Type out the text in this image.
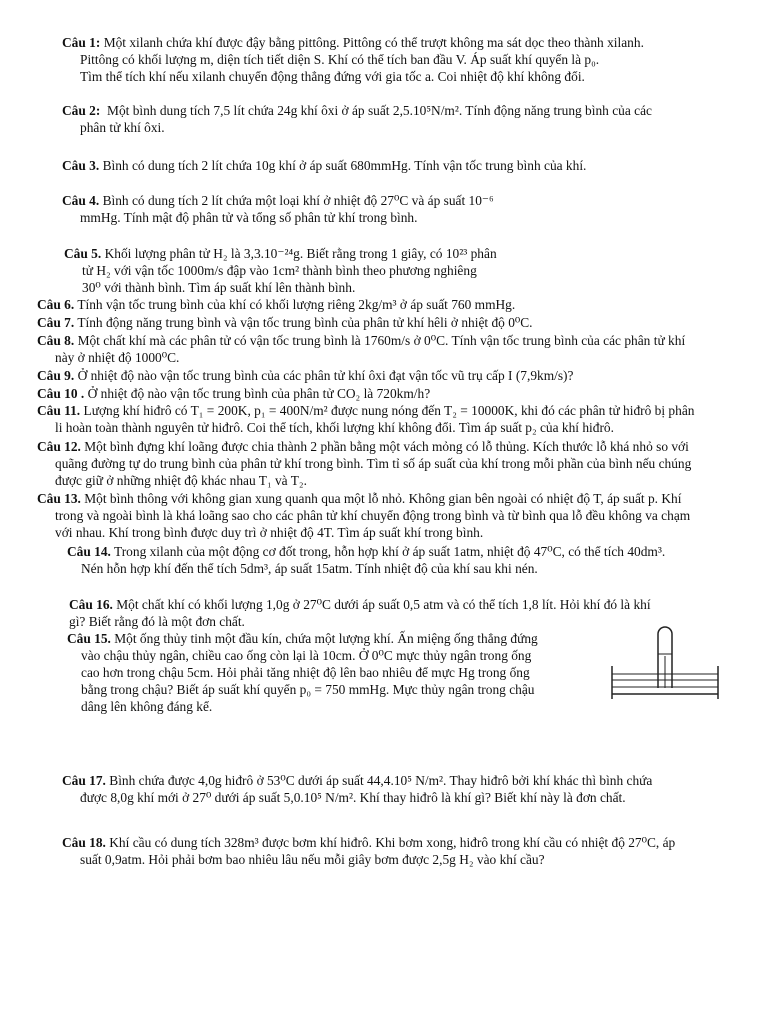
Câu 1: Một xilanh chứa khí được đậy bằng pittông. Pittông có thể trượt không ma sát dọc theo thành xilanh.
Pittông có khối lượng m, diện tích tiết diện S. Khí có thể tích ban đầu V. Áp suất khí quyển là p₀.
Tìm thể tích khí nếu xilanh chuyển động thẳng đứng với gia tốc a. Coi nhiệt độ khí không đổi.
Câu 2: Một bình dung tích 7,5 lít chứa 24g khí ôxi ở áp suất 2,5.10⁵N/m². Tính động năng trung bình của các
phân tử khí ôxi.
Câu 3. Bình có dung tích 2 lít chứa 10g khí ở áp suất 680mmHg. Tính vận tốc trung bình của khí.
Câu 4. Bình có dung tích 2 lít chứa một loại khí ở nhiệt độ 27⁰C và áp suất 10⁻⁶
mmHg. Tính mật độ phân tử và tổng số phân tử khí trong bình.
Câu 5. Khối lượng phân tử H₂ là 3,3.10⁻²⁴g. Biết rằng trong 1 giây, có 10²³ phân
tử H₂ với vận tốc 1000m/s đập vào 1cm² thành bình theo phương nghiêng
30⁰ với thành bình. Tìm áp suất khí lên thành bình.
Câu 6. Tính vận tốc trung bình của khí có khối lượng riêng 2kg/m³ ở áp suất 760 mmHg.
Câu 7. Tính động năng trung bình và vận tốc trung bình của phân tử khí hêli ở nhiệt độ 0⁰C.
Câu 8. Một chất khí mà các phân tử có vận tốc trung bình là 1760m/s ở 0⁰C. Tính vận tốc trung bình của các phân tử khí
này ở nhiệt độ 1000⁰C.
Câu 9. Ở nhiệt độ nào vận tốc trung bình của các phân tử khí ôxi đạt vận tốc vũ trụ cấp I (7,9km/s)?
Câu 10 . Ở nhiệt độ nào vận tốc trung bình của phân tử CO₂ là 720km/h?
Câu 11. Lượng khí hiđrô có T₁ = 200K, p₁ = 400N/m² được nung nóng đến T₂ = 10000K, khi đó các phân tử hiđrô bị phân
li hoàn toàn thành nguyên tử hiđrô. Coi thể tích, khối lượng khí không đổi. Tìm áp suất p₂ của khí hiđrô.
Câu 12. Một bình đựng khí loãng được chia thành 2 phần bằng một vách mỏng có lỗ thủng. Kích thước lỗ khá nhỏ so với
quãng đường tự do trung bình của phân tử khí trong bình. Tìm tỉ số áp suất của khí trong mỗi phần của bình nếu chúng
được giữ ở những nhiệt độ khác nhau T₁ và T₂.
Câu 13. Một bình thông với không gian xung quanh qua một lỗ nhỏ. Không gian bên ngoài có nhiệt độ T, áp suất p. Khí
trong và ngoài bình là khá loãng sao cho các phân tử khí chuyển động trong bình và từ bình qua lỗ đều không va chạm
với nhau. Khí trong bình được duy trì ở nhiệt độ 4T. Tìm áp suất khí trong bình.
Câu 14. Trong xilanh của một động cơ đốt trong, hỗn hợp khí ở áp suất 1atm, nhiệt độ 47⁰C, có thể tích 40dm³.
Nén hỗn hợp khí đến thể tích 5dm³, áp suất 15atm. Tính nhiệt độ của khí sau khi nén.
Câu 16. Một chất khí có khối lượng 1,0g ở 27⁰C dưới áp suất 0,5 atm và có thể tích 1,8 lít. Hỏi khí đó là khí
gì? Biết rằng đó là một đơn chất.
Câu 15. Một ống thủy tinh một đầu kín, chứa một lượng khí. Ấn miệng ống thẳng đứng
vào chậu thủy ngân, chiều cao ống còn lại là 10cm. Ở 0⁰C mực thủy ngân trong ống
cao hơn trong chậu 5cm. Hỏi phải tăng nhiệt độ lên bao nhiêu để mực Hg trong ống
bằng trong chậu? Biết áp suất khí quyển p₀ = 750 mmHg. Mực thủy ngân trong chậu
dâng lên không đáng kể.
Câu 17. Bình chứa được 4,0g hiđrô ở 53⁰C dưới áp suất 44,4.10⁵ N/m². Thay hiđrô bởi khí khác thì bình chứa
được 8,0g khí mới ở 27⁰ dưới áp suất 5,0.10⁵ N/m². Khí thay hiđrô là khí gì? Biết khí này là đơn chất.
Câu 18. Khí cầu có dung tích 328m³ được bơm khí hiđrô. Khi bơm xong, hiđrô trong khí cầu có nhiệt độ 27⁰C, áp
suất 0,9atm. Hỏi phải bơm bao nhiêu lâu nếu mỗi giây bơm được 2,5g H₂ vào khí cầu?
